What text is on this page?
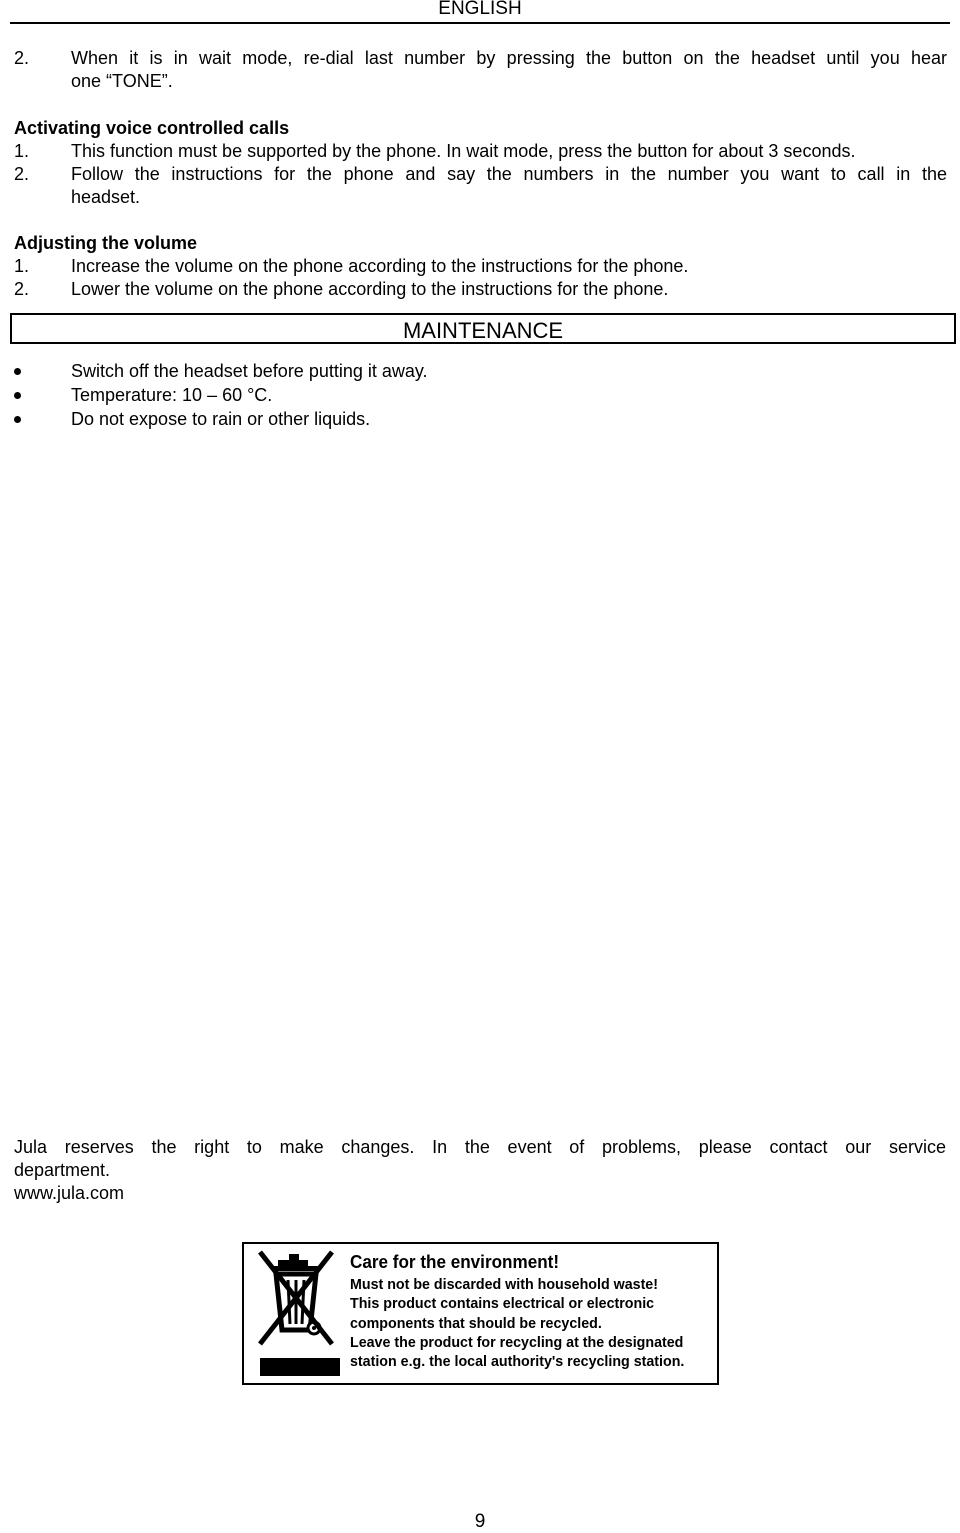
ENGLISH
2. When it is in wait mode, re-dial last number by pressing the button on the headset until you hear
one “TONE”.
Activating voice controlled calls
1. This function must be supported by the phone. In wait mode, press the button for about 3 seconds.
2. Follow the instructions for the phone and say the numbers in the number you want to call in the
headset.
Adjusting the volume
1. Increase the volume on the phone according to the instructions for the phone.
2. Lower the volume on the phone according to the instructions for the phone.
MAINTENANCE
Switch off the headset before putting it away.
Temperature: 10 – 60 °C.
Do not expose to rain or other liquids.
Jula reserves the right to make changes. In the event of problems, please contact our service
department.
www.jula.com
Care for the environment!
Must not be discarded with household waste!
This product contains electrical or electronic
components that should be recycled.
Leave the product for recycling at the designated
station e.g. the local authority's recycling station.
9
